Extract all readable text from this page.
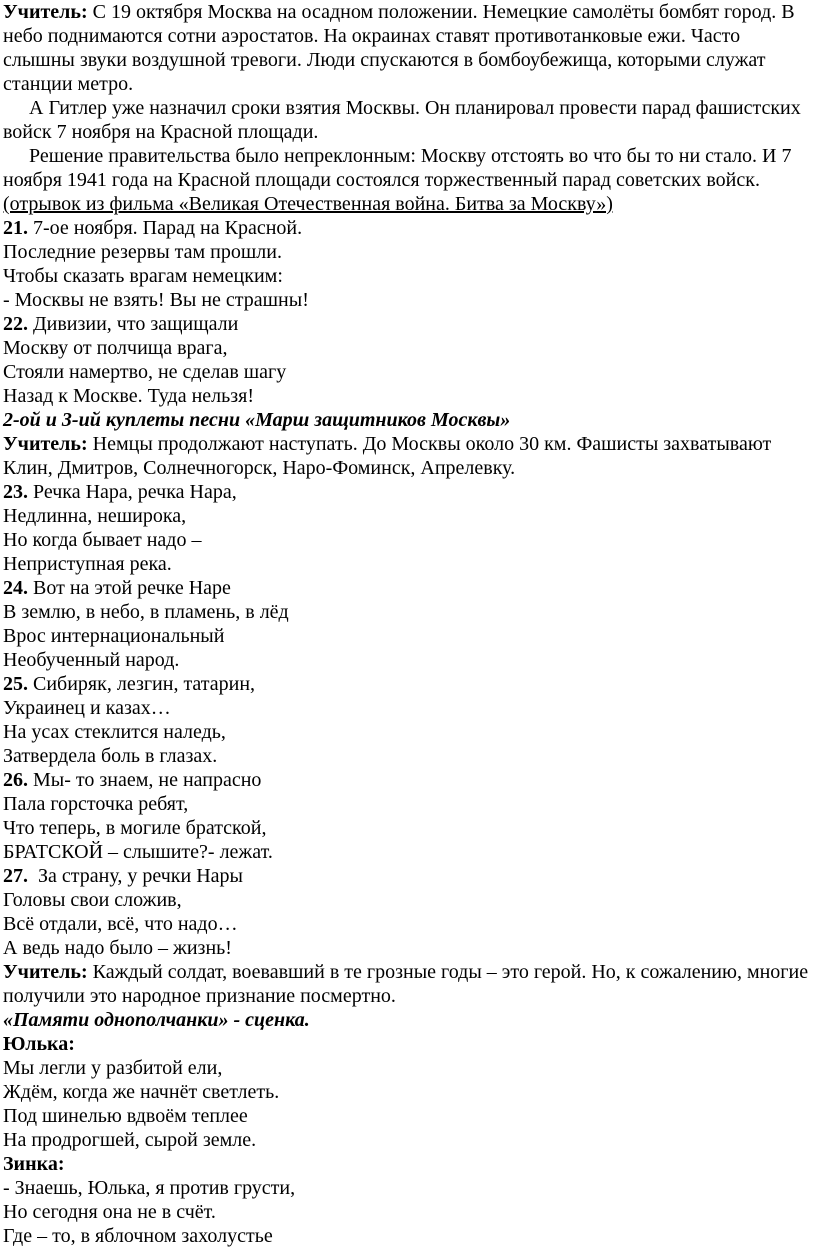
Учитель: С 19 октября Москва на осадном положении. Немецкие самолёты бомбят город. В небо поднимаются сотни аэростатов. На окраинах ставят противотанковые ежи. Часто слышны звуки воздушной тревоги. Люди спускаются в бомбоубежища, которыми служат станции метро.

А Гитлер уже назначил сроки взятия Москвы. Он планировал провести парад фашистских войск 7 ноября на Красной площади.

Решение правительства было непреклонным: Москву отстоять во что бы то ни стало. И 7 ноября 1941 года на Красной площади состоялся торжественный парад советских войск.

(отрывок из фильма «Великая Отечественная война. Битва за Москву»)

21. 7-ое ноября. Парад на Красной.

Последние резервы там прошли.

Чтобы сказать врагам немецким:

- Москвы не взять! Вы не страшны!

22. Дивизии, что защищали

Москву от полчища врага,

Стояли намертво, не сделав шагу

Назад к Москве. Туда нельзя!

2-ой и 3-ий куплеты песни «Марш защитников Москвы»

Учитель: Немцы продолжают наступать. До Москвы около 30 км. Фашисты захватывают Клин, Дмитров, Солнечногорск, Наро-Фоминск, Апрелевку.

23. Речка Нара, речка Нара,

Недлинна, неширока,

Но когда бывает надо –

Неприступная река.

24. Вот на этой речке Наре

В землю, в небо, в пламень, в лёд

Врос интернациональный

Необученный народ.

25. Сибиряк, лезгин, татарин,

Украинец и казах…

На усах стеклится наледь,

Затвердела боль в глазах.

26. Мы- то знаем, не напрасно

Пала горсточка ребят,

Что теперь, в могиле братской,

БРАТСКОЙ – слышите?- лежат.

27.  За страну, у речки Нары

Головы свои сложив,

Всё отдали, всё, что надо…

А ведь надо было – жизнь!

Учитель: Каждый солдат, воевавший в те грозные годы – это герой. Но, к сожалению, многие получили это народное признание посмертно.

«Памяти однополчанки» - сценка.

Юлька:

Мы легли у разбитой ели,

Ждём, когда же начнёт светлеть.

Под шинелью вдвоём теплее

На продрогшей, сырой земле.

Зинка:

- Знаешь, Юлька, я против грусти,

Но сегодня она не в счёт.

Где – то, в яблочном захолустье
